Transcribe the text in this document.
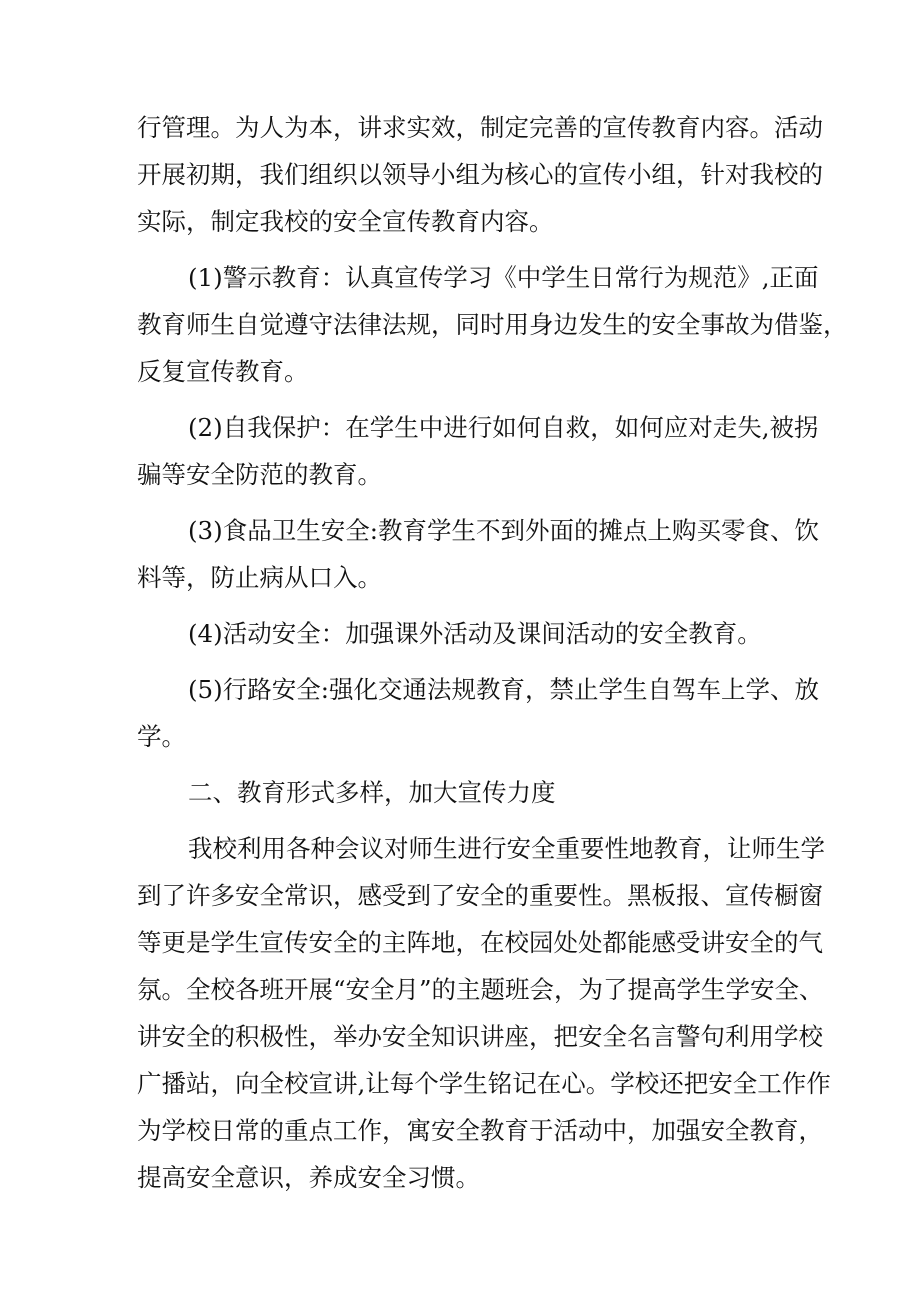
行管理。为人为本，讲求实效，制定完善的宣传教育内容。活动
开展初期，我们组织以领导小组为核心的宣传小组，针对我校的
实际，制定我校的安全宣传教育内容。
(1)警示教育：认真宣传学习《中学生日常行为规范》,正面
教育师生自觉遵守法律法规，同时用身边发生的安全事故为借鉴，
反复宣传教育。
(2)自我保护：在学生中进行如何自救，如何应对走失,被拐
骗等安全防范的教育。
(3)食品卫生安全:教育学生不到外面的摊点上购买零食、饮
料等，防止病从口入。
(4)活动安全：加强课外活动及课间活动的安全教育。
(5)行路安全:强化交通法规教育，禁止学生自驾车上学、放
学。
二、教育形式多样，加大宣传力度
我校利用各种会议对师生进行安全重要性地教育，让师生学
到了许多安全常识，感受到了安全的重要性。黑板报、宣传橱窗
等更是学生宣传安全的主阵地，在校园处处都能感受讲安全的气
氛。全校各班开展“安全月”的主题班会，为了提高学生学安全、
讲安全的积极性，举办安全知识讲座，把安全名言警句利用学校
广播站，向全校宣讲,让每个学生铭记在心。学校还把安全工作作
为学校日常的重点工作，寓安全教育于活动中，加强安全教育，
提高安全意识，养成安全习惯。
